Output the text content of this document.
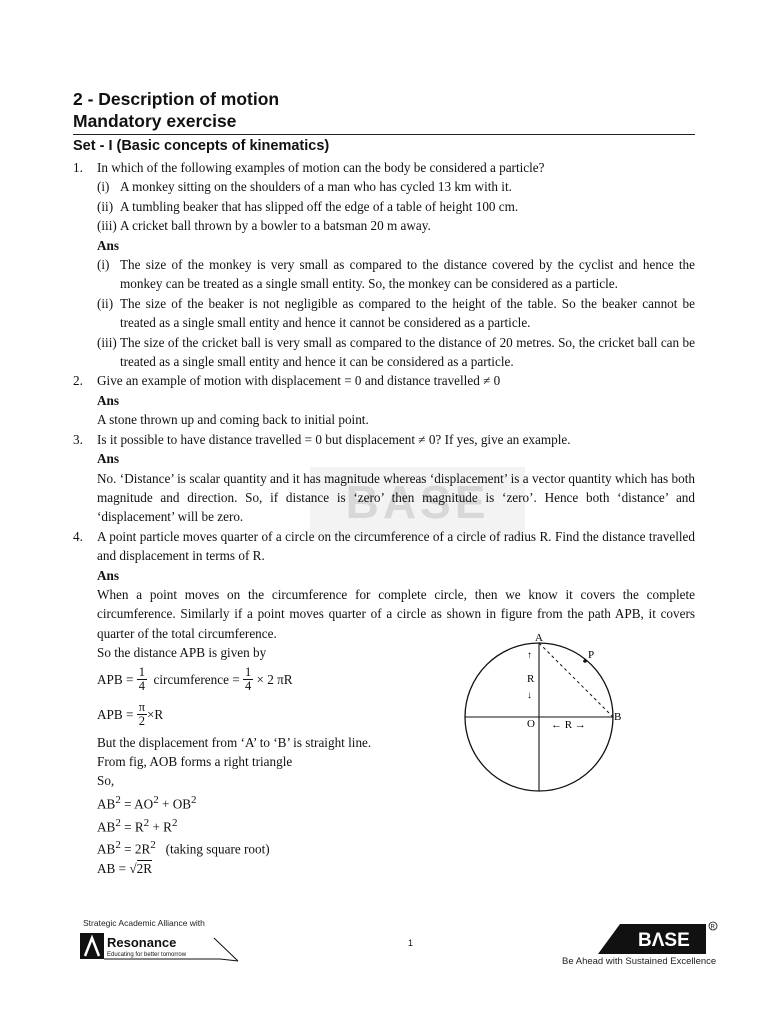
2 - Description of motion
Mandatory exercise
Set - I (Basic concepts of kinematics)
BASE
1. In which of the following examples of motion can the body be considered a particle?
(i) A monkey sitting on the shoulders of a man who has cycled 13 km with it.
(ii) A tumbling beaker that has slipped off the edge of a table of height 100 cm.
(iii) A cricket ball thrown by a bowler to a batsman 20 m away.
Ans
(i) The size of the monkey is very small as compared to the distance covered by the cyclist and hence the monkey can be treated as a single small entity. So, the monkey can be considered as a particle.
(ii) The size of the beaker is not negligible as compared to the height of the table. So the beaker cannot be treated as a single small entity and hence it cannot be considered as a particle.
(iii) The size of the cricket ball is very small as compared to the distance of 20 metres. So, the cricket ball can be treated as a single small entity and hence it can be considered as a particle.
2. Give an example of motion with displacement = 0 and distance travelled ≠ 0
Ans
A stone thrown up and coming back to initial point.
3. Is it possible to have distance travelled = 0 but displacement ≠ 0? If yes, give an example.
Ans
No. ‘Distance’ is scalar quantity and it has magnitude whereas ‘displacement’ is a vector quantity which has both magnitude and direction. So, if distance is ‘zero’ then magnitude is ‘zero’. Hence both ‘distance’ and ‘displacement’ will be zero.
4. A point particle moves quarter of a circle on the circumference of a circle of radius R. Find the distance travelled and displacement in terms of R.
Ans
When a point moves on the circumference for complete circle, then we know it covers the complete circumference. Similarly if a point moves quarter of a circle as shown in figure from the path APB, it covers quarter of the total circumference.
So the distance APB is given by
APB =
$\frac{1}{4}$
circumference =
$\frac{1}{4}$
× 2 πR
APB =
$\frac{\pi}{2} \times R$
But the displacement from ‘A’ to ‘B’ is straight line.
From fig, AOB forms a right triangle
So,
$AB^2 = AO^2 + OB^2$
$AB^2 = R^2 + R^2$
$AB^2 = 2R^2$   (taking square root)
AB = √2R
A
P
B
O
↑
R
↓
← R →
Strategic Academic Alliance with
Resonance
Educating for better tomorrow
1	BΛSE
R
Be Ahead with Sustained Excellence
